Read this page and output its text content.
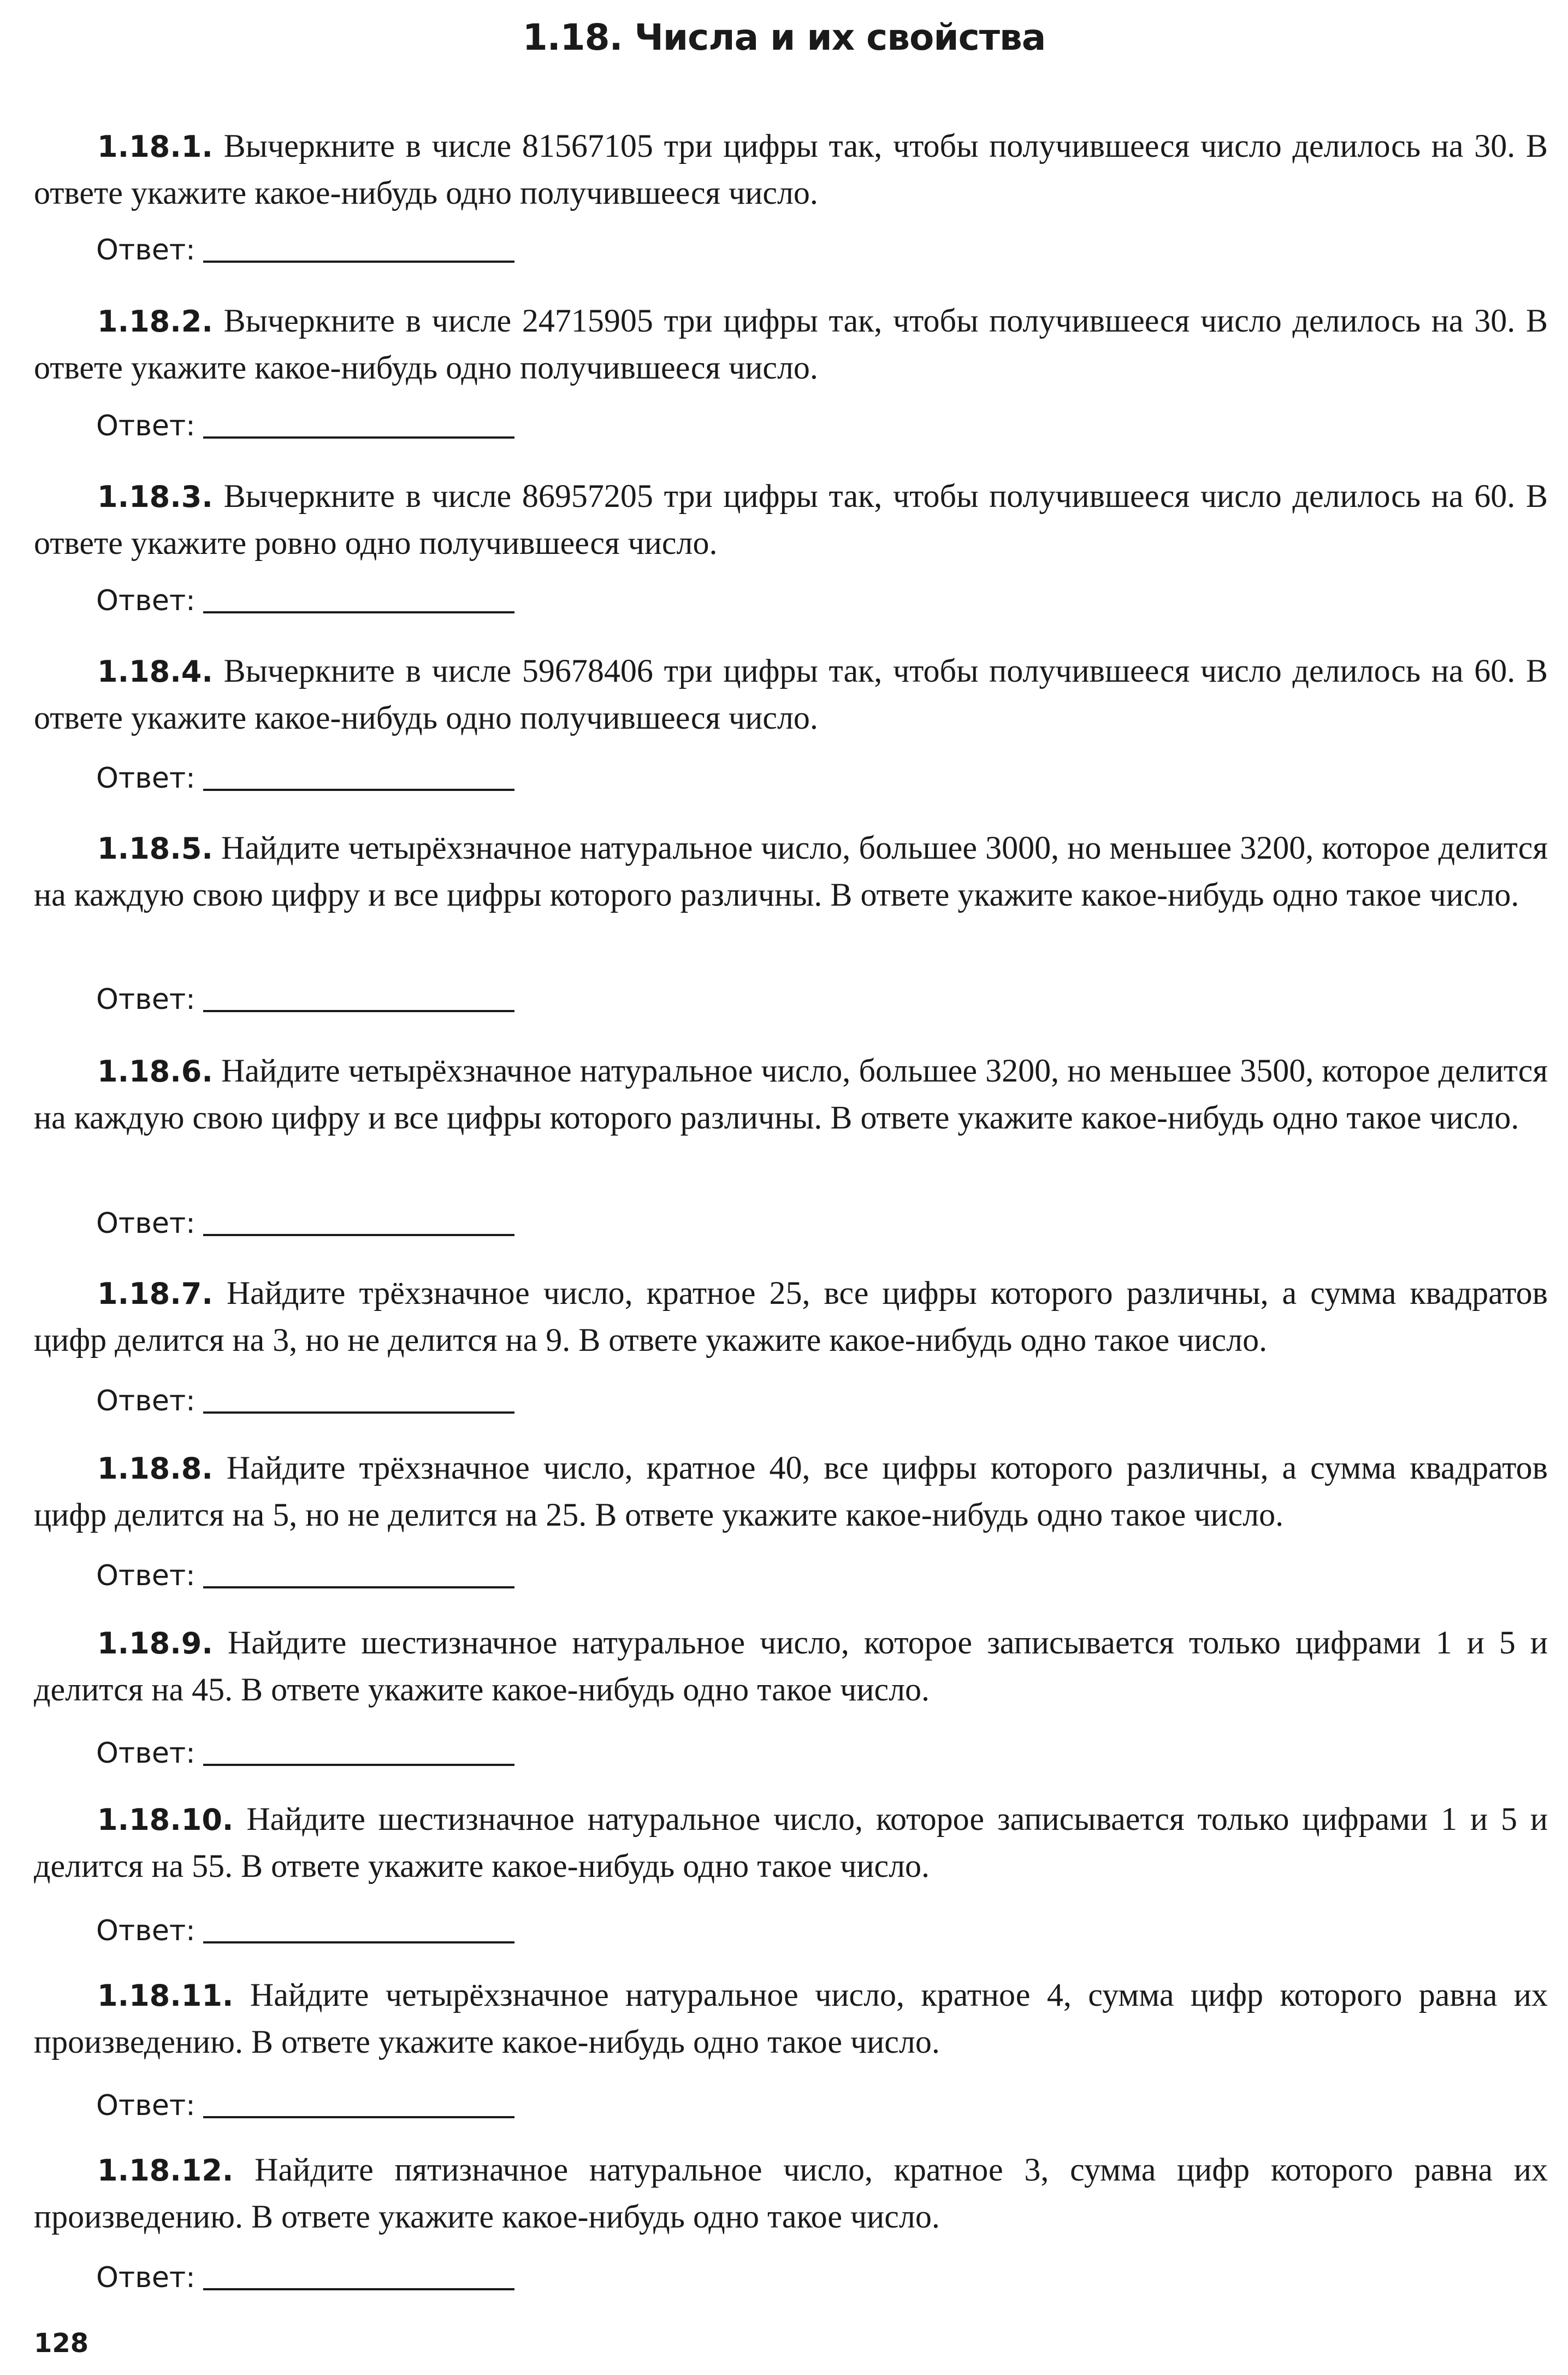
1.18. Числа и их свойства

1.18.1. Вычеркните в числе 81567105 три цифры так, чтобы получившееся число делилось на 30. В ответе укажите какое-нибудь одно получившееся число.

Ответ:

1.18.2. Вычеркните в числе 24715905 три цифры так, чтобы получившееся число делилось на 30. В ответе укажите какое-нибудь одно получившееся число.

Ответ:

1.18.3. Вычеркните в числе 86957205 три цифры так, чтобы получившееся число делилось на 60. В ответе укажите ровно одно получившееся число.

Ответ:

1.18.4. Вычеркните в числе 59678406 три цифры так, чтобы получившееся число делилось на 60. В ответе укажите какое-нибудь одно получившееся число.

Ответ:

1.18.5. Найдите четырёхзначное натуральное число, большее 3000, но меньшее 3200, которое делится на каждую свою цифру и все цифры которого различны. В ответе укажите какое-нибудь одно такое число.

Ответ:

1.18.6. Найдите четырёхзначное натуральное число, большее 3200, но меньшее 3500, которое делится на каждую свою цифру и все цифры которого различны. В ответе укажите какое-нибудь одно такое число.

Ответ:

1.18.7. Найдите трёхзначное число, кратное 25, все цифры которого различны, а сумма квадратов цифр делится на 3, но не делится на 9. В ответе укажите какое-нибудь одно такое число.

Ответ:

1.18.8. Найдите трёхзначное число, кратное 40, все цифры которого различны, а сумма квадратов цифр делится на 5, но не делится на 25. В ответе укажите какое-нибудь одно такое число.

Ответ:

1.18.9. Найдите шестизначное натуральное число, которое записывается только цифрами 1 и 5 и делится на 45. В ответе укажите какое-нибудь одно такое число.

Ответ:

1.18.10. Найдите шестизначное натуральное число, которое записывается только цифрами 1 и 5 и делится на 55. В ответе укажите какое-нибудь одно такое число.

Ответ:

1.18.11. Найдите четырёхзначное натуральное число, кратное 4, сумма цифр которого равна их произведению. В ответе укажите какое-нибудь одно такое число.

Ответ:

1.18.12. Найдите пятизначное натуральное число, кратное 3, сумма цифр которого равна их произведению. В ответе укажите какое-нибудь одно такое число.

Ответ:

128
